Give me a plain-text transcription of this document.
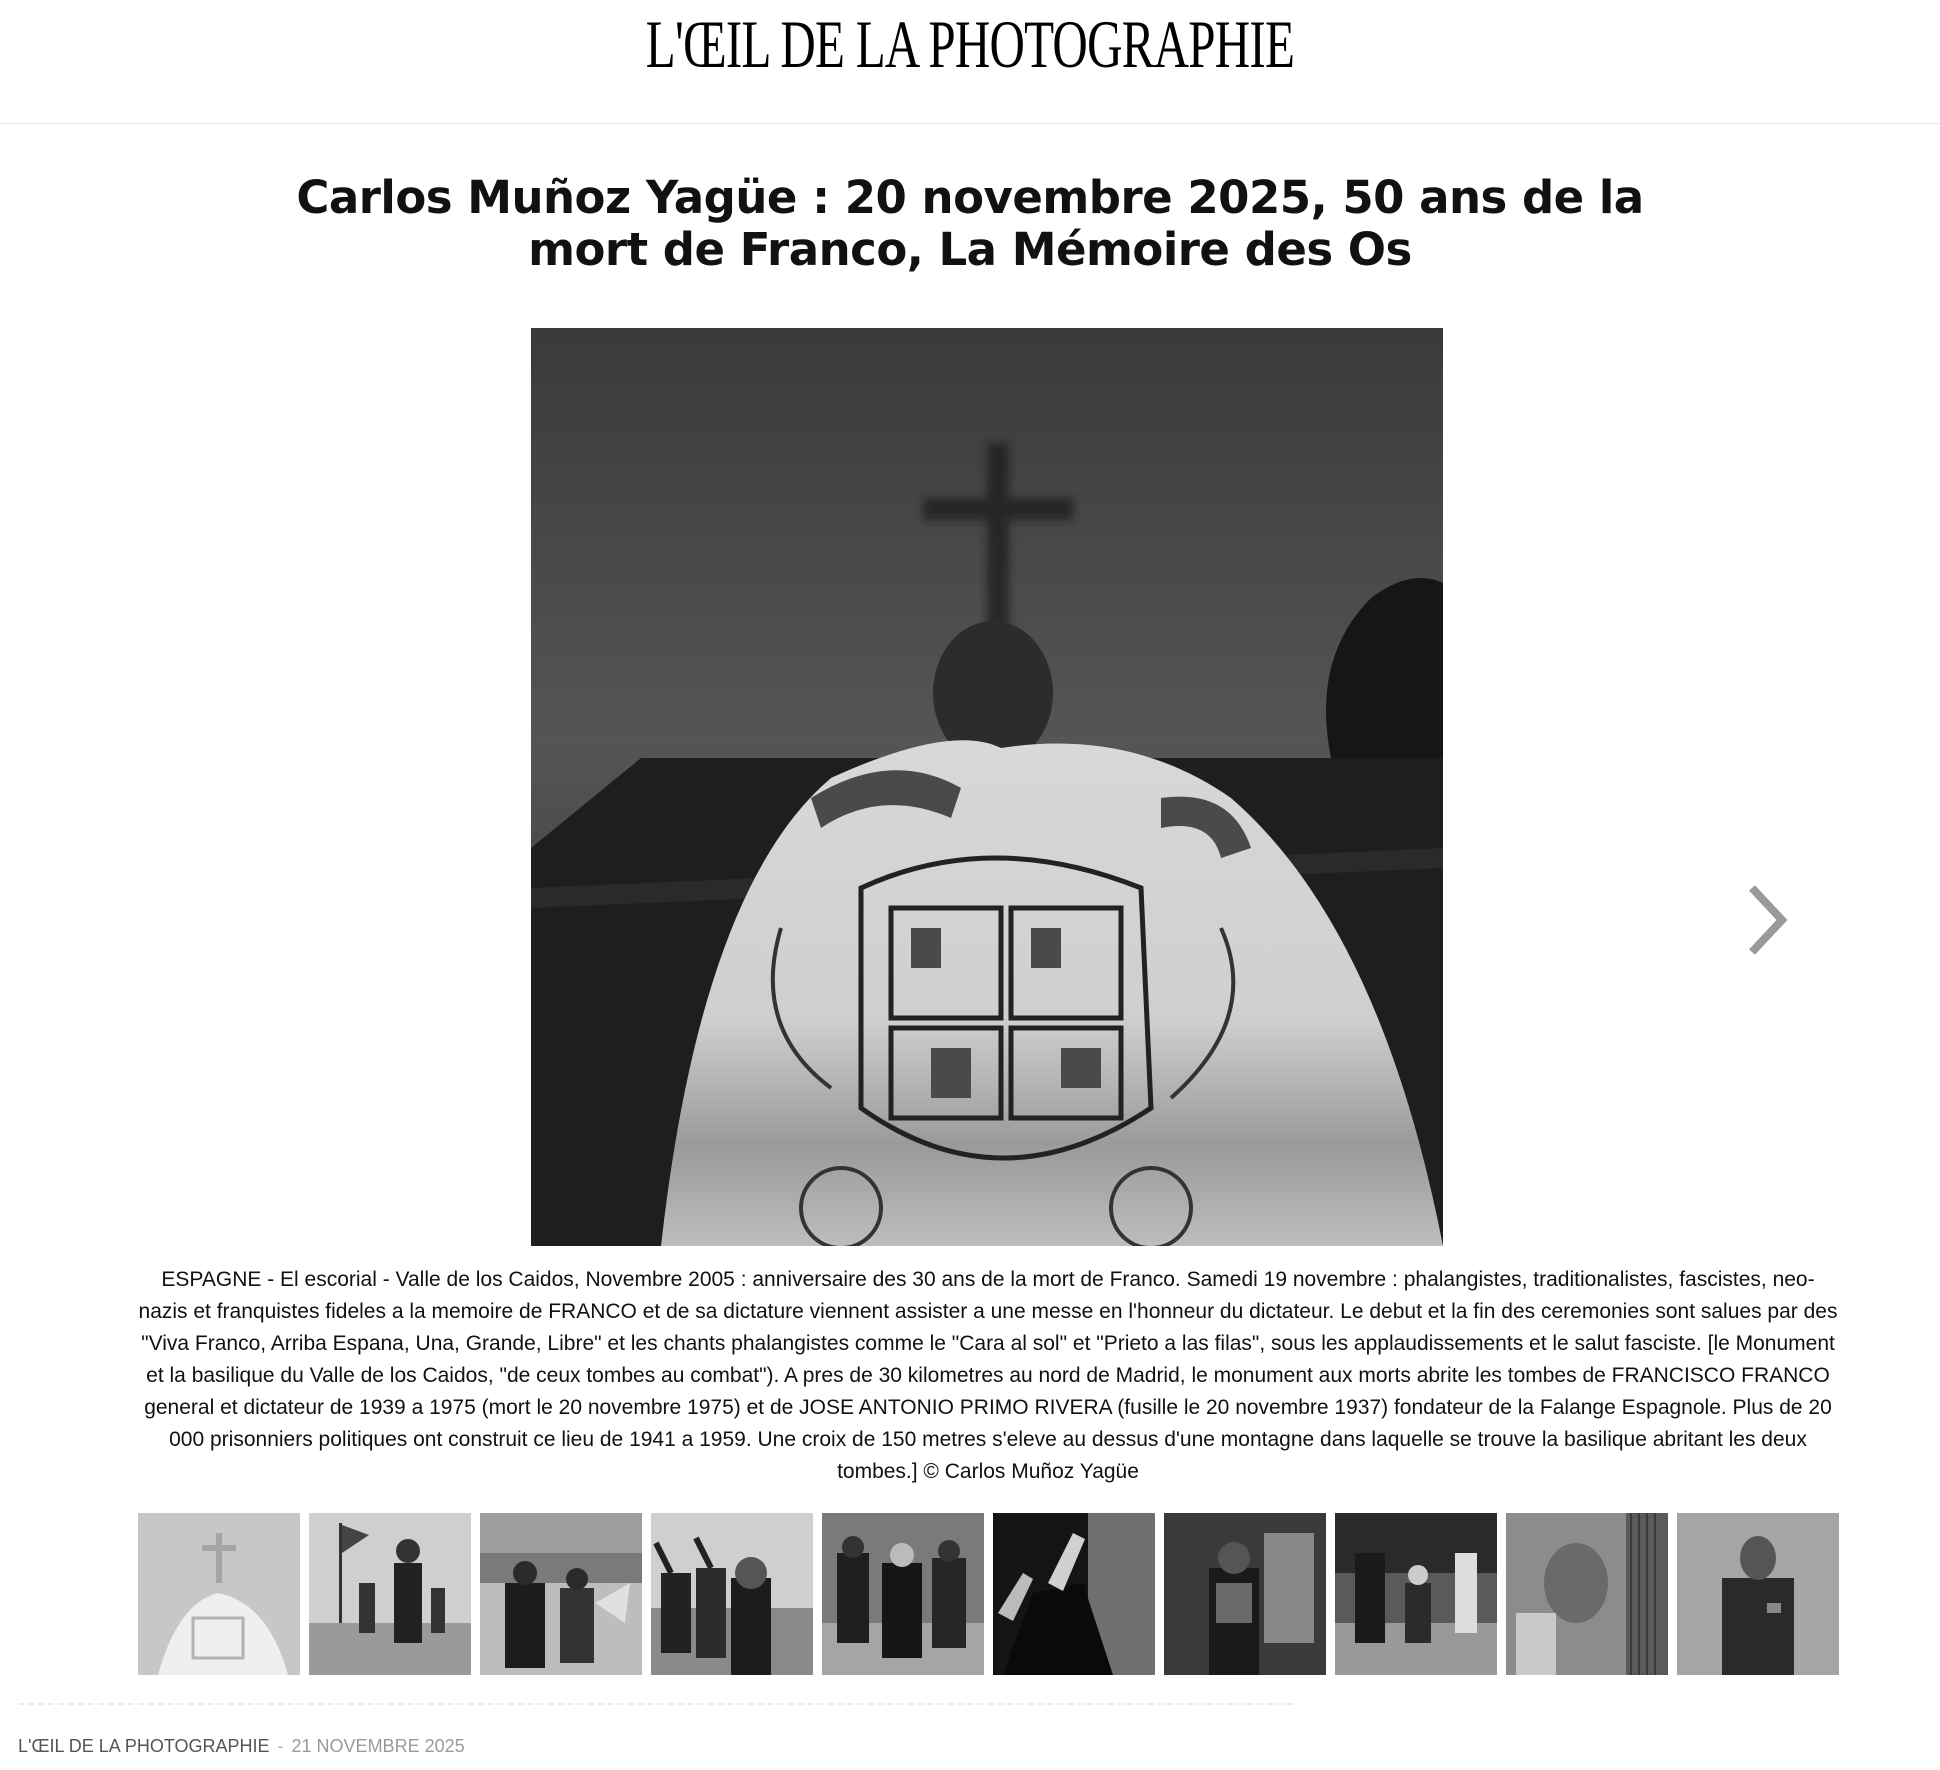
L'ŒIL DE LA PHOTOGRAPHIE
Carlos Muñoz Yagüe : 20 novembre 2025, 50 ans de la mort de Franco, La Mémoire des Os

ESPAGNE - El escorial - Valle de los Caidos, Novembre 2005 : anniversaire des 30 ans de la mort de Franco. Samedi 19 novembre : phalangistes, traditionalistes, fascistes, neo-nazis et franquistes fideles a la memoire de FRANCO et de sa dictature viennent assister a une messe en l'honneur du dictateur. Le debut et la fin des ceremonies sont salues par des "Viva Franco, Arriba Espana, Una, Grande, Libre" et les chants phalangistes comme le "Cara al sol" et "Prieto a las filas", sous les applaudissements et le salut fasciste. [le Monument et la basilique du Valle de los Caidos, "de ceux tombes au combat"). A pres de 30 kilometres au nord de Madrid, le monument aux morts abrite les tombes de FRANCISCO FRANCO general et dictateur de 1939 a 1975 (mort le 20 novembre 1975) et de JOSE ANTONIO PRIMO RIVERA (fusille le 20 novembre 1937) fondateur de la Falange Espagnole. Plus de 20 000 prisonniers politiques ont construit ce lieu de 1941 a 1959. Une croix de 150 metres s'eleve au dessus d'une montagne dans laquelle se trouve la basilique abritant les deux tombes.] © Carlos Muñoz Yagüe

L'ŒIL DE LA PHOTOGRAPHIE - 21 NOVEMBRE 2025
